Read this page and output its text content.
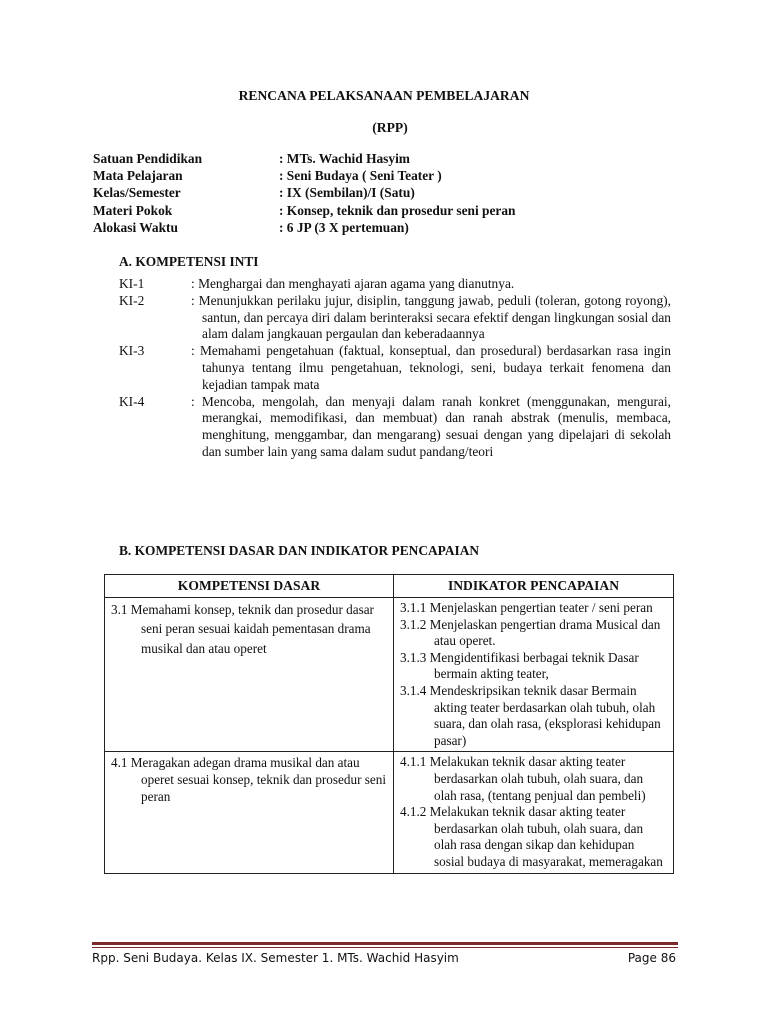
RENCANA PELAKSANAAN PEMBELAJARAN
(RPP)
Satuan Pendidikan	: MTs. Wachid Hasyim
Mata Pelajaran	: Seni Budaya ( Seni Teater )
Kelas/Semester	: IX (Sembilan)/I (Satu)
Materi Pokok	: Konsep, teknik dan prosedur seni peran
Alokasi Waktu	: 6 JP (3 X pertemuan)
A. KOMPETENSI INTI
KI-1	: Menghargai dan menghayati ajaran agama yang dianutnya.
KI-2	: Menunjukkan perilaku jujur, disiplin, tanggung jawab, peduli (toleran, gotong royong), santun, dan percaya diri dalam berinteraksi secara efektif dengan lingkungan sosial dan alam dalam jangkauan pergaulan dan keberadaannya
KI-3	: Memahami pengetahuan (faktual, konseptual, dan prosedural) berdasarkan rasa ingin tahunya tentang ilmu pengetahuan, teknologi, seni, budaya terkait fenomena dan kejadian tampak mata
KI-4	: Mencoba, mengolah, dan menyaji dalam ranah konkret (menggunakan, mengurai, merangkai, memodifikasi, dan membuat) dan ranah abstrak (menulis, membaca, menghitung, menggambar, dan mengarang) sesuai dengan yang dipelajari di sekolah dan sumber lain yang sama dalam sudut pandang/teori
B. KOMPETENSI DASAR DAN INDIKATOR PENCAPAIAN
KOMPETENSI DASAR	INDIKATOR PENCAPAIAN

3.1 Memahami konsep, teknik dan prosedur dasar seni peran sesuai kaidah pementasan drama musikal dan atau operet	3.1.1 Menjelaskan pengertian teater / seni peran
3.1.2 Menjelaskan pengertian drama Musical dan atau operet.
3.1.3 Mengidentifikasi berbagai teknik Dasar bermain akting teater,
3.1.4 Mendeskripsikan teknik dasar Bermain akting teater berdasarkan olah tubuh, olah suara, dan olah rasa, (eksplorasi kehidupan pasar)

4.1 Meragakan adegan drama musikal dan atau operet sesuai konsep, teknik dan prosedur seni peran	4.1.1 Melakukan teknik dasar akting teater berdasarkan olah tubuh, olah suara, dan olah rasa, (tentang penjual dan pembeli)
4.1.2 Melakukan teknik dasar akting teater berdasarkan olah tubuh, olah suara, dan olah rasa dengan sikap dan kehidupan sosial budaya di masyarakat, memeragakan
Rpp. Seni Budaya. Kelas IX. Semester 1. MTs. Wachid Hasyim	Page 86
